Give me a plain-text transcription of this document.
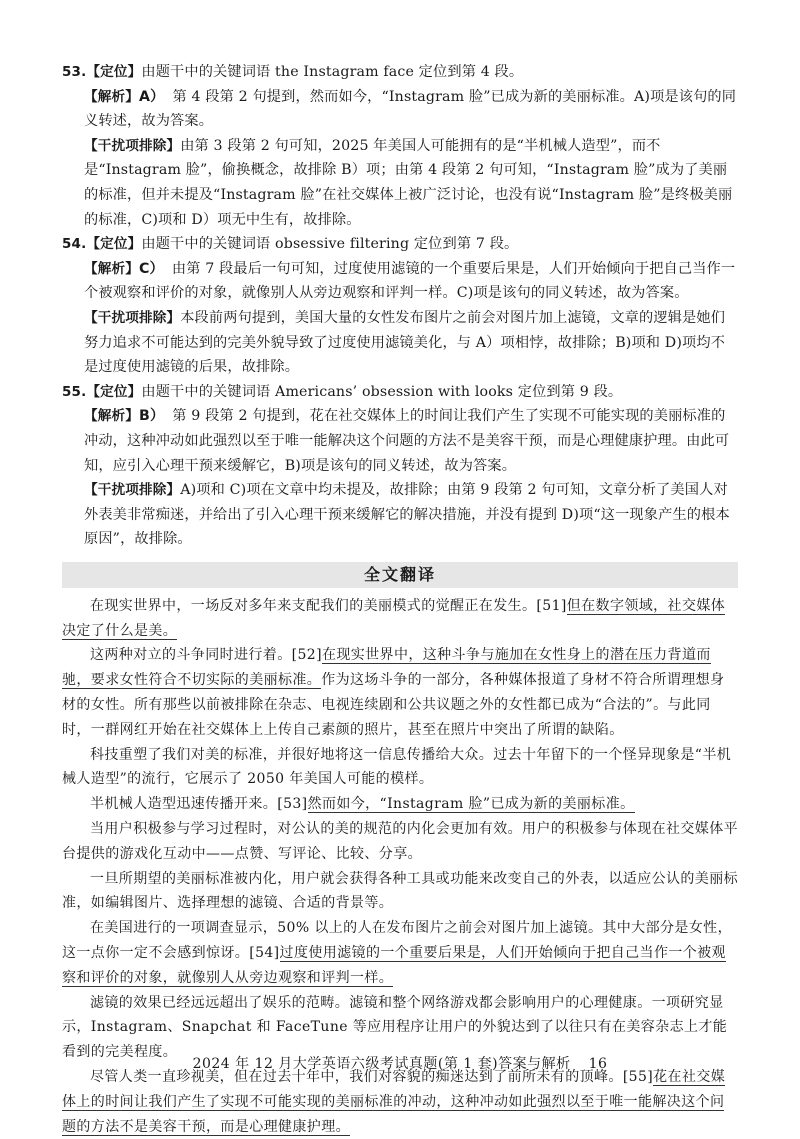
53.【定位】由题干中的关键词语 the Instagram face 定位到第 4 段。
【解析】A） 第 4 段第 2 句提到，然而如今，“Instagram 脸”已成为新的美丽标准。A)项是该句的同义转述，故为答案。
【干扰项排除】由第 3 段第 2 句可知，2025 年美国人可能拥有的是“半机械人造型”，而不是“Instagram 脸”，偷换概念，故排除 B）项；由第 4 段第 2 句可知，“Instagram 脸”成为了美丽的标准，但并未提及“Instagram 脸”在社交媒体上被广泛讨论，也没有说“Instagram 脸”是终极美丽的标准，C)项和 D）项无中生有，故排除。
54.【定位】由题干中的关键词语 obsessive filtering 定位到第 7 段。
【解析】C） 由第 7 段最后一句可知，过度使用滤镜的一个重要后果是，人们开始倾向于把自己当作一个被观察和评价的对象，就像别人从旁边观察和评判一样。C)项是该句的同义转述，故为答案。
【干扰项排除】本段前两句提到，美国大量的女性发布图片之前会对图片加上滤镜，文章的逻辑是她们努力追求不可能达到的完美外貌导致了过度使用滤镜美化，与 A）项相悖，故排除；B)项和 D)项均不是过度使用滤镜的后果，故排除。
55.【定位】由题干中的关键词语 Americans’ obsession with looks 定位到第 9 段。
【解析】B） 第 9 段第 2 句提到，花在社交媒体上的时间让我们产生了实现不可能实现的美丽标准的冲动，这种冲动如此强烈以至于唯一能解决这个问题的方法不是美容干预，而是心理健康护理。由此可知，应引入心理干预来缓解它，B)项是该句的同义转述，故为答案。
【干扰项排除】A)项和 C)项在文章中均未提及，故排除；由第 9 段第 2 句可知，文章分析了美国人对外表美非常痴迷，并给出了引入心理干预来缓解它的解决措施，并没有提到 D)项“这一现象产生的根本原因”，故排除。
全文翻译
在现实世界中，一场反对多年来支配我们的美丽模式的觉醒正在发生。[51]但在数字领域，社交媒体决定了什么是美。
这两种对立的斗争同时进行着。[52]在现实世界中，这种斗争与施加在女性身上的潜在压力背道而驰，要求女性符合不切实际的美丽标准。作为这场斗争的一部分，各种媒体报道了身材不符合所谓理想身材的女性。所有那些以前被排除在杂志、电视连续剧和公共议题之外的女性都已成为“合法的”。与此同时，一群网红开始在社交媒体上上传自己素颜的照片，甚至在照片中突出了所谓的缺陷。
科技重塑了我们对美的标准，并很好地将这一信息传播给大众。过去十年留下的一个怪异现象是“半机械人造型”的流行，它展示了 2050 年美国人可能的模样。
半机械人造型迅速传播开来。[53]然而如今，“Instagram 脸”已成为新的美丽标准。
当用户积极参与学习过程时，对公认的美的规范的内化会更加有效。用户的积极参与体现在社交媒体平台提供的游戏化互动中——点赞、写评论、比较、分享。
一旦所期望的美丽标准被内化，用户就会获得各种工具或功能来改变自己的外表，以适应公认的美丽标准，如编辑图片、选择理想的滤镜、合适的背景等。
在美国进行的一项调查显示，50% 以上的人在发布图片之前会对图片加上滤镜。其中大部分是女性，这一点你一定不会感到惊讶。[54]过度使用滤镜的一个重要后果是，人们开始倾向于把自己当作一个被观察和评价的对象，就像别人从旁边观察和评判一样。
滤镜的效果已经远远超出了娱乐的范畴。滤镜和整个网络游戏都会影响用户的心理健康。一项研究显示，Instagram、Snapchat 和 FaceTune 等应用程序让用户的外貌达到了以往只有在美容杂志上才能看到的完美程度。
尽管人类一直珍视美，但在过去十年中，我们对容貌的痴迷达到了前所未有的顶峰。[55]花在社交媒体上的时间让我们产生了实现不可能实现的美丽标准的冲动，这种冲动如此强烈以至于唯一能解决这个问题的方法不是美容干预，而是心理健康护理。
2024 年 12 月大学英语六级考试真题(第 1 套)答案与解析 16
